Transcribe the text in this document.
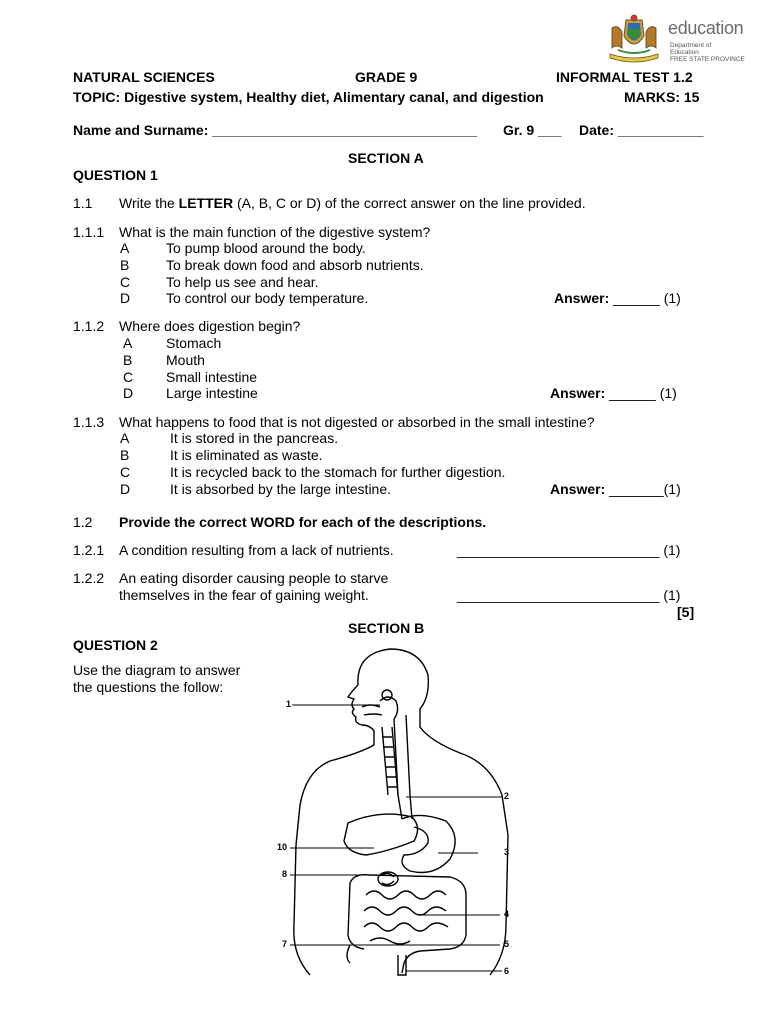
education
Department of
Education
FREE STATE PROVINCE
NATURAL SCIENCES	GRADE 9	INFORMAL TEST 1.2
TOPIC: Digestive system, Healthy diet, Alimentary canal, and digestion	MARKS: 15
Name and Surname: __________________________________ Gr. 9 ___ Date: ___________
SECTION A
QUESTION 1
1.1 Write the LETTER (A, B, C or D) of the correct answer on the line provided.
1.1.1 What is the main function of the digestive system?
A	To pump blood around the body.
B	To break down food and absorb nutrients.
C	To help us see and hear.
D	To control our body temperature.	Answer: ______ (1)
1.1.2 Where does digestion begin?
A Stomach
B Mouth
C Small intestine
D Large intestine	Answer: ______ (1)
1.1.3 What happens to food that is not digested or absorbed in the small intestine?
A	It is stored in the pancreas.
B	It is eliminated as waste.
C	It is recycled back to the stomach for further digestion.
D	It is absorbed by the large intestine.	Answer: _______(1)
1.2 Provide the correct WORD for each of the descriptions.
1.2.1 A condition resulting from a lack of nutrients.	__________________________ (1)
1.2.2 An eating disorder causing people to starve
themselves in the fear of gaining weight.	__________________________ (1)
[5]
SECTION B
QUESTION 2
Use the diagram to answer
the questions the follow:
1
2
3
4
5
6
7
8
10
